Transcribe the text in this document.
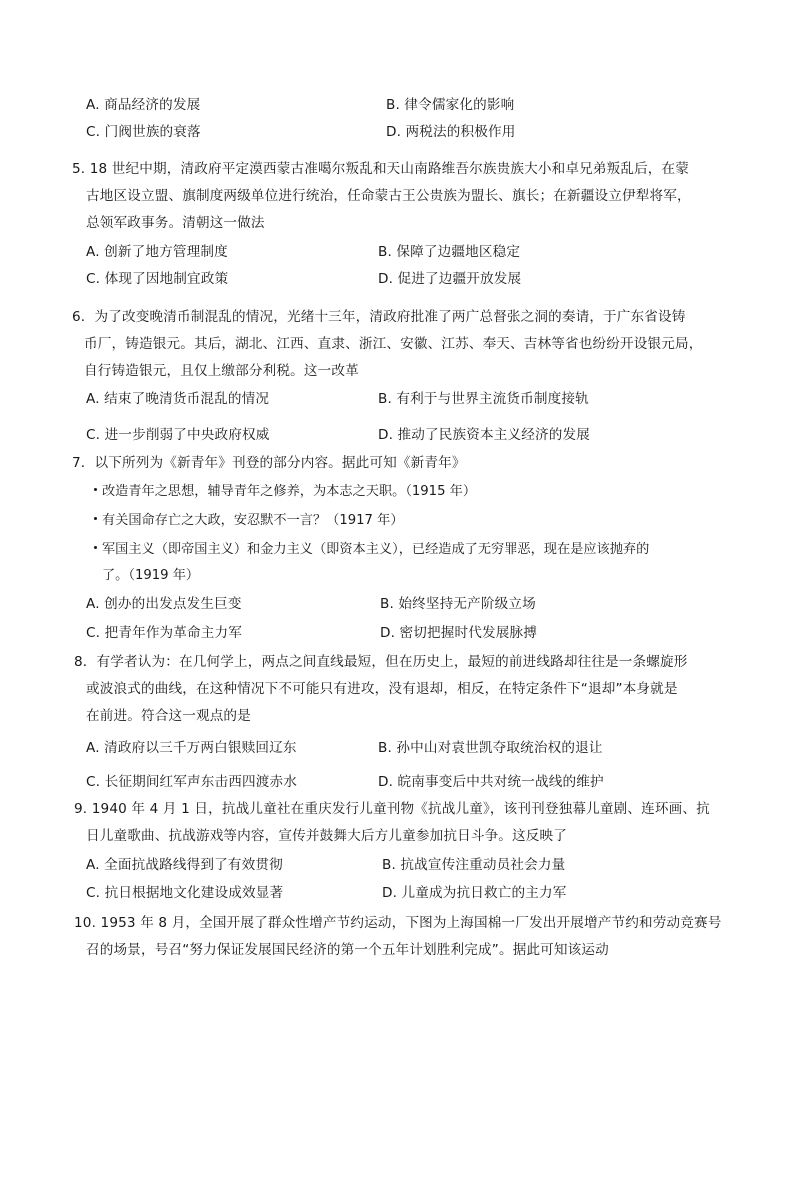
A. 商品经济的发展	B. 律令儒家化的影响
C. 门阀世族的衰落	D. 两税法的积极作用
5. 18 世纪中期，清政府平定漠西蒙古准噶尔叛乱和天山南路维吾尔族贵族大小和卓兄弟叛乱后，在蒙
古地区设立盟、旗制度两级单位进行统治，任命蒙古王公贵族为盟长、旗长；在新疆设立伊犁将军，
总领军政事务。清朝这一做法
A. 创新了地方管理制度	B. 保障了边疆地区稳定
C. 体现了因地制宜政策	D. 促进了边疆开放发展
6．为了改变晚清币制混乱的情况，光绪十三年，清政府批准了两广总督张之洞的奏请，于广东省设铸
币厂，铸造银元。其后，湖北、江西、直隶、浙江、安徽、江苏、奉天、吉林等省也纷纷开设银元局，
自行铸造银元，且仅上缴部分利税。这一改革
A. 结束了晚清货币混乱的情况	B. 有利于与世界主流货币制度接轨
C. 进一步削弱了中央政府权威	D. 推动了民族资本主义经济的发展
7．以下所列为《新青年》刊登的部分内容。据此可知《新青年》
改造青年之思想，辅导青年之修养，为本志之天职。（1915 年）
有关国命存亡之大政，安忍默不一言？（1917 年）
军国主义（即帝国主义）和金力主义（即资本主义），已经造成了无穷罪恶，现在是应该抛弃的
了。（1919 年）
A. 创办的出发点发生巨变	B. 始终坚持无产阶级立场
C. 把青年作为革命主力军	D. 密切把握时代发展脉搏
8．有学者认为：在几何学上，两点之间直线最短，但在历史上，最短的前进线路却往往是一条螺旋形
或波浪式的曲线，在这种情况下不可能只有进攻，没有退却，相反，在特定条件下“退却”本身就是
在前进。符合这一观点的是
A. 清政府以三千万两白银赎回辽东	B. 孙中山对袁世凯夺取统治权的退让
C. 长征期间红军声东击西四渡赤水	D. 皖南事变后中共对统一战线的维护
9. 1940 年 4 月 1 日，抗战儿童社在重庆发行儿童刊物《抗战儿童》，该刊刊登独幕儿童剧、连环画、抗
日儿童歌曲、抗战游戏等内容，宣传并鼓舞大后方儿童参加抗日斗争。这反映了
A. 全面抗战路线得到了有效贯彻	B. 抗战宣传注重动员社会力量
C. 抗日根据地文化建设成效显著	D. 儿童成为抗日救亡的主力军
10. 1953 年 8 月，全国开展了群众性增产节约运动，下图为上海国棉一厂发出开展增产节约和劳动竞赛号
召的场景，号召“努力保证发展国民经济的第一个五年计划胜利完成”。据此可知该运动
